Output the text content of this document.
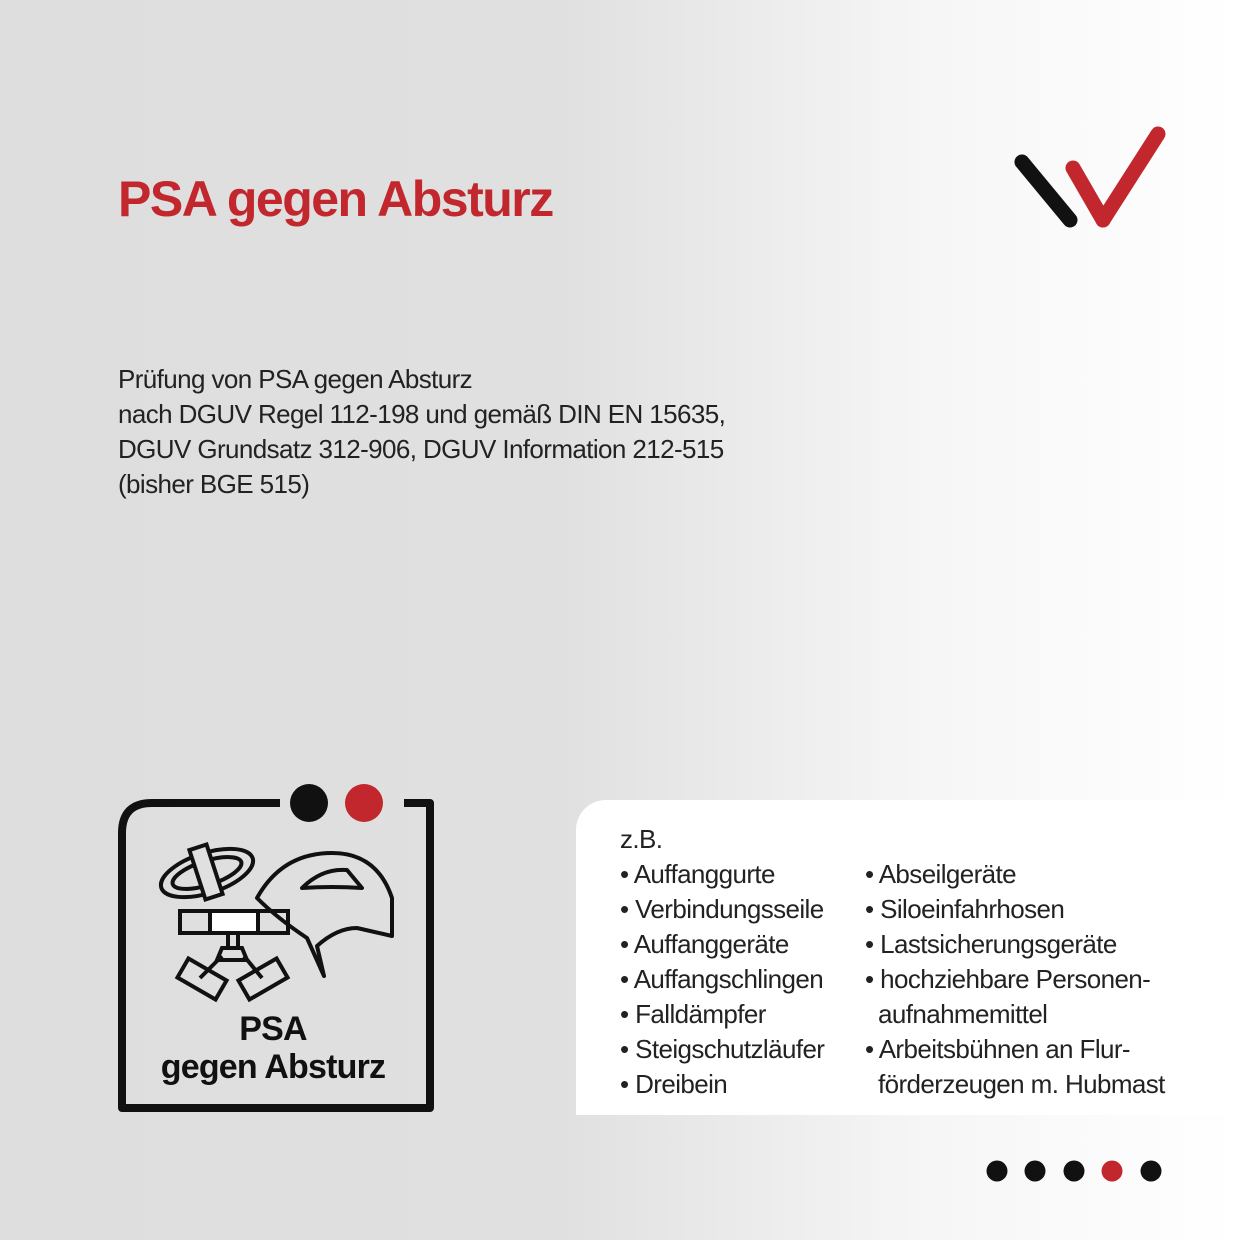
PSA gegen Absturz
Prüfung von PSA gegen Absturz
nach DGUV Regel 112-198 und gemäß DIN EN 15635,
DGUV Grundsatz 312-906, DGUV Information 212-515
(bisher BGE 515)
PSA
gegen Absturz
z.B.
• Auffanggurte
• Verbindungsseile
• Auffanggeräte
• Auffangschlingen
• Falldämpfer
• Steigschutzläufer
• Dreibein
• Abseilgeräte
• Siloeinfahrhosen
• Lastsicherungsgeräte
• hochziehbare Personen-
aufnahmemittel
• Arbeitsbühnen an Flur-
förderzeugen m. Hubmast
